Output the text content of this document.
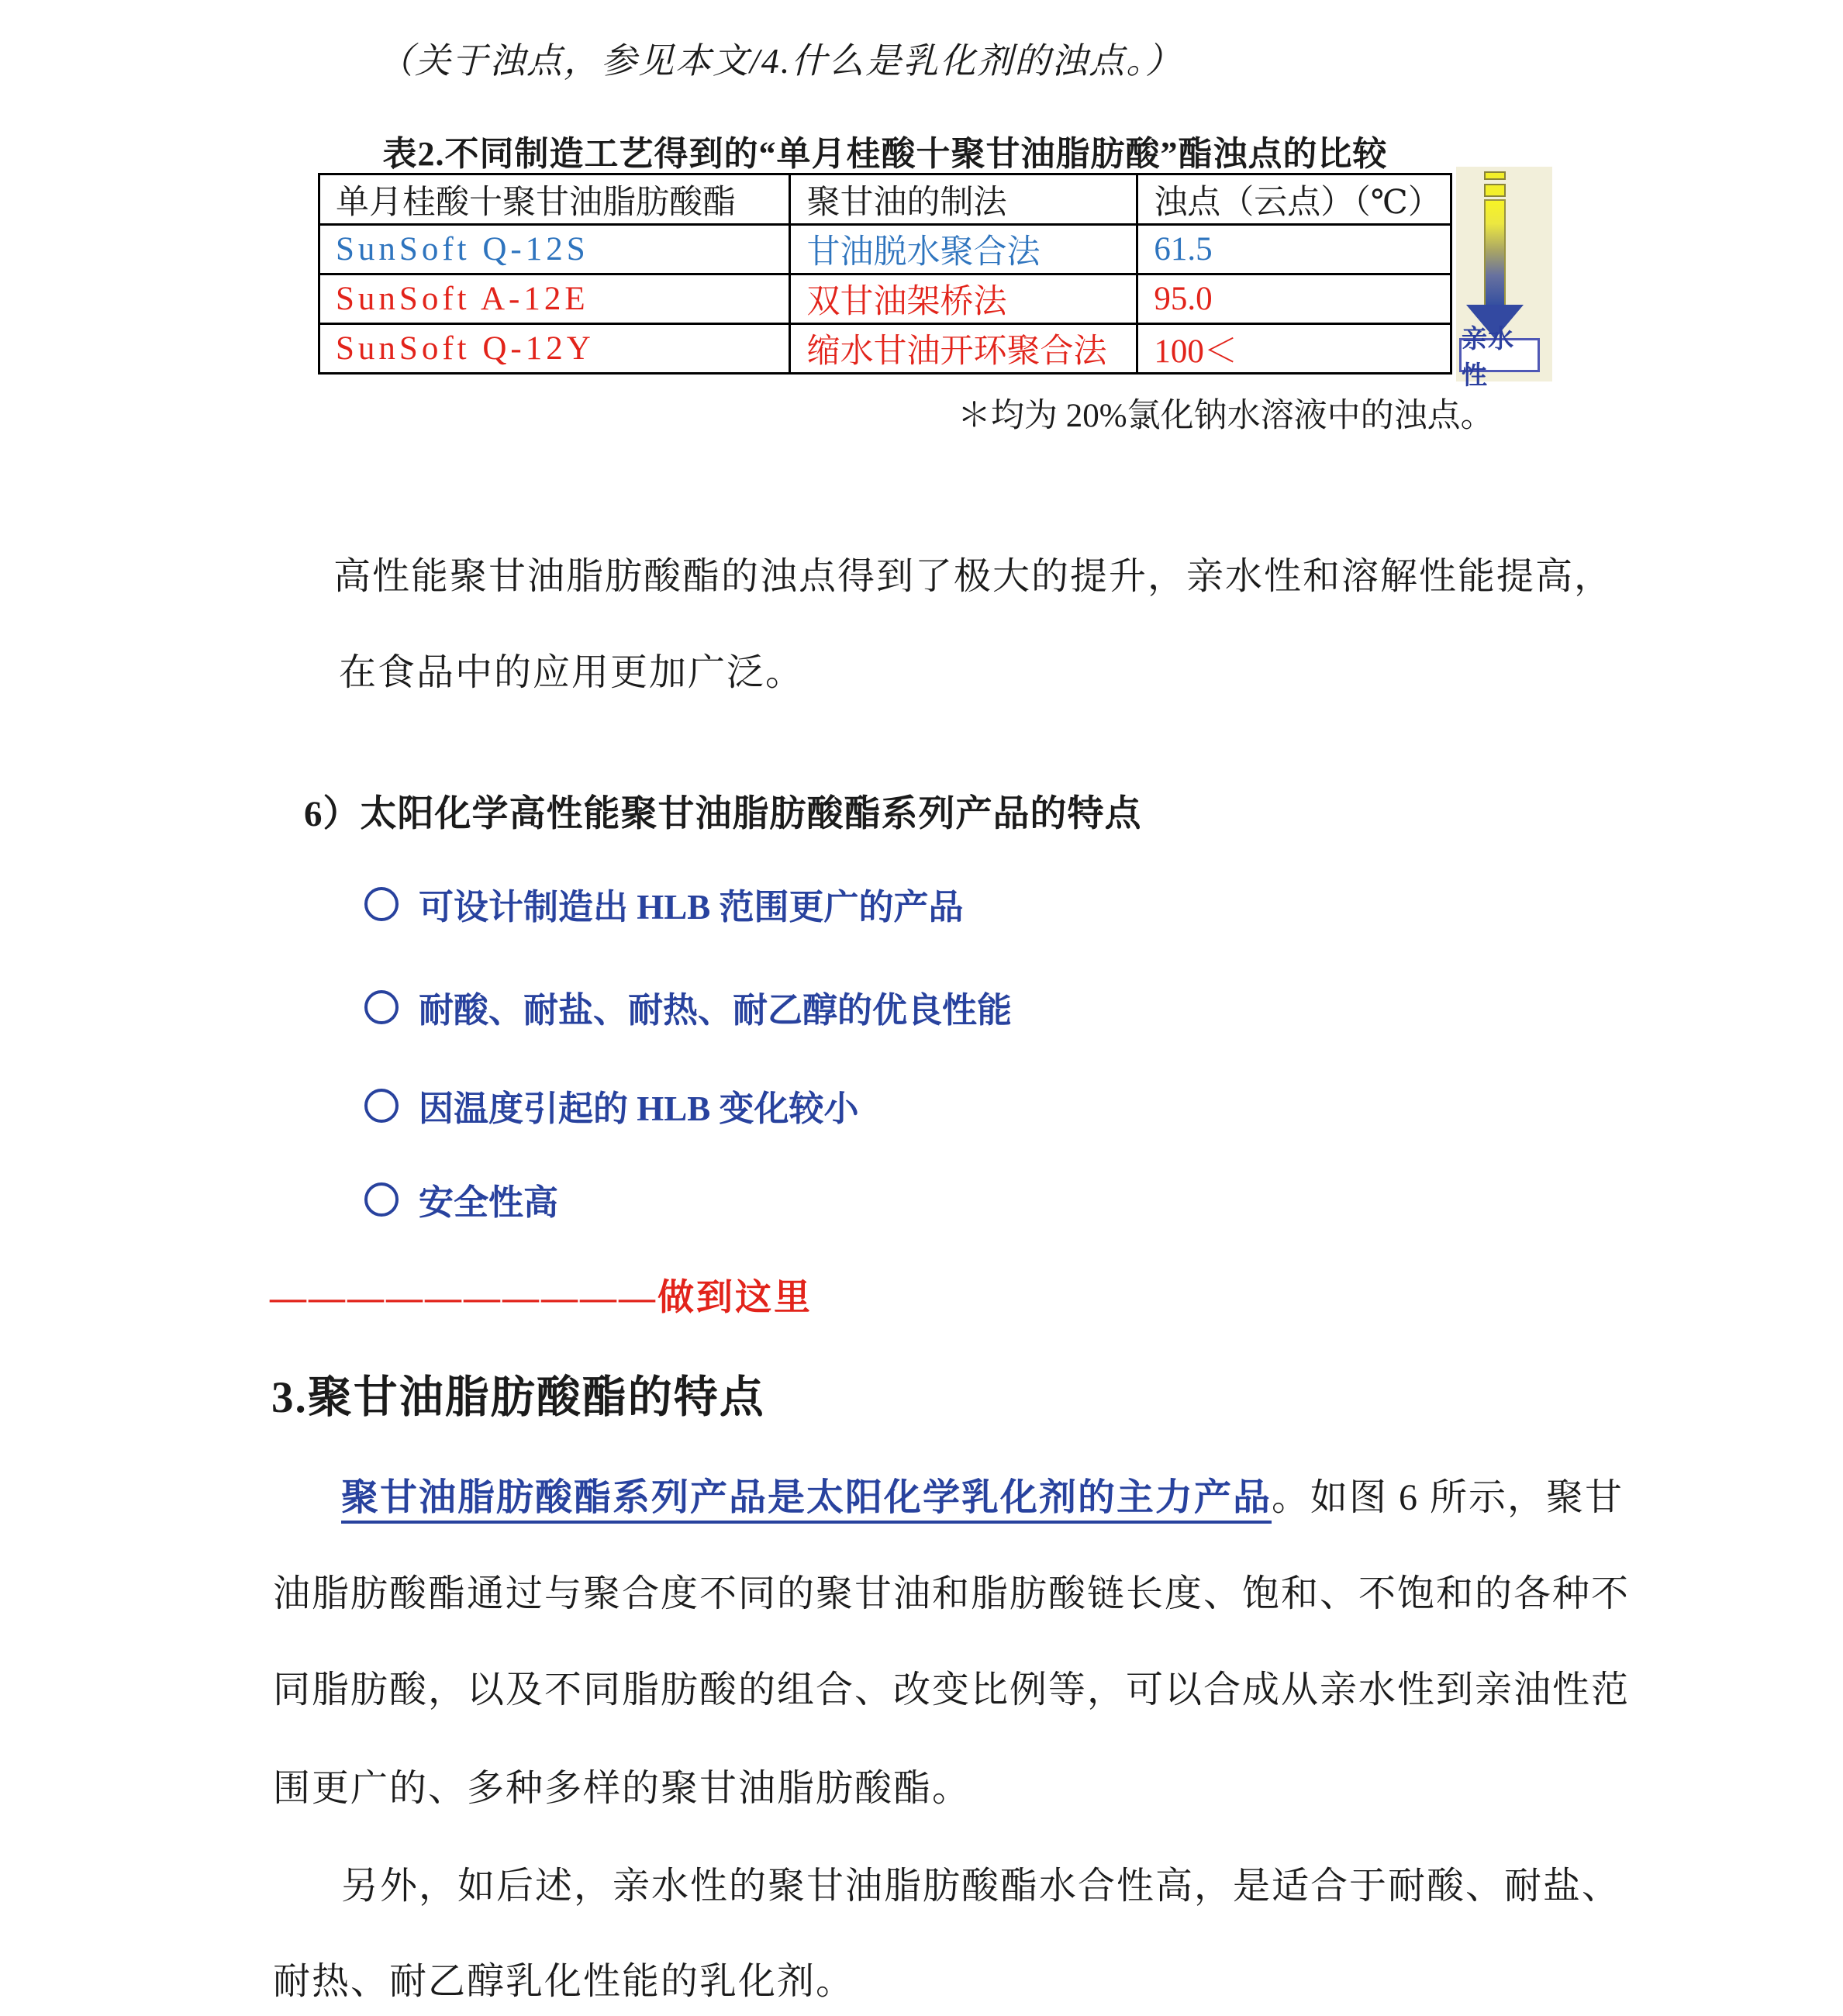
（关于浊点，参见本文/4.什么是乳化剂的浊点。）
表2.不同制造工艺得到的“单月桂酸十聚甘油脂肪酸”酯浊点的比较
单月桂酸十聚甘油脂肪酸酯	聚甘油的制法	浊点（云点）（℃）
SunSoft Q-12S	甘油脱水聚合法	61.5
SunSoft A-12E	双甘油架桥法	95.0
SunSoft Q-12Y	缩水甘油开环聚合法	100＜	亲水性
＊均为 20%氯化钠水溶液中的浊点。
高性能聚甘油脂肪酸酯的浊点得到了极大的提升，亲水性和溶解性能提高，
在食品中的应用更加广泛。
6）太阳化学高性能聚甘油脂肪酸酯系列产品的特点
可设计制造出 HLB 范围更广的产品
耐酸、耐盐、耐热、耐乙醇的优良性能
因温度引起的 HLB 变化较小
安全性高
——————————做到这里
3.聚甘油脂肪酸酯的特点
聚甘油脂肪酸酯系列产品是太阳化学乳化剂的主力产品。如图 6 所示，聚甘
油脂肪酸酯通过与聚合度不同的聚甘油和脂肪酸链长度、饱和、不饱和的各种不
同脂肪酸，以及不同脂肪酸的组合、改变比例等，可以合成从亲水性到亲油性范
围更广的、多种多样的聚甘油脂肪酸酯。
另外，如后述，亲水性的聚甘油脂肪酸酯水合性高，是适合于耐酸、耐盐、
耐热、耐乙醇乳化性能的乳化剂。
